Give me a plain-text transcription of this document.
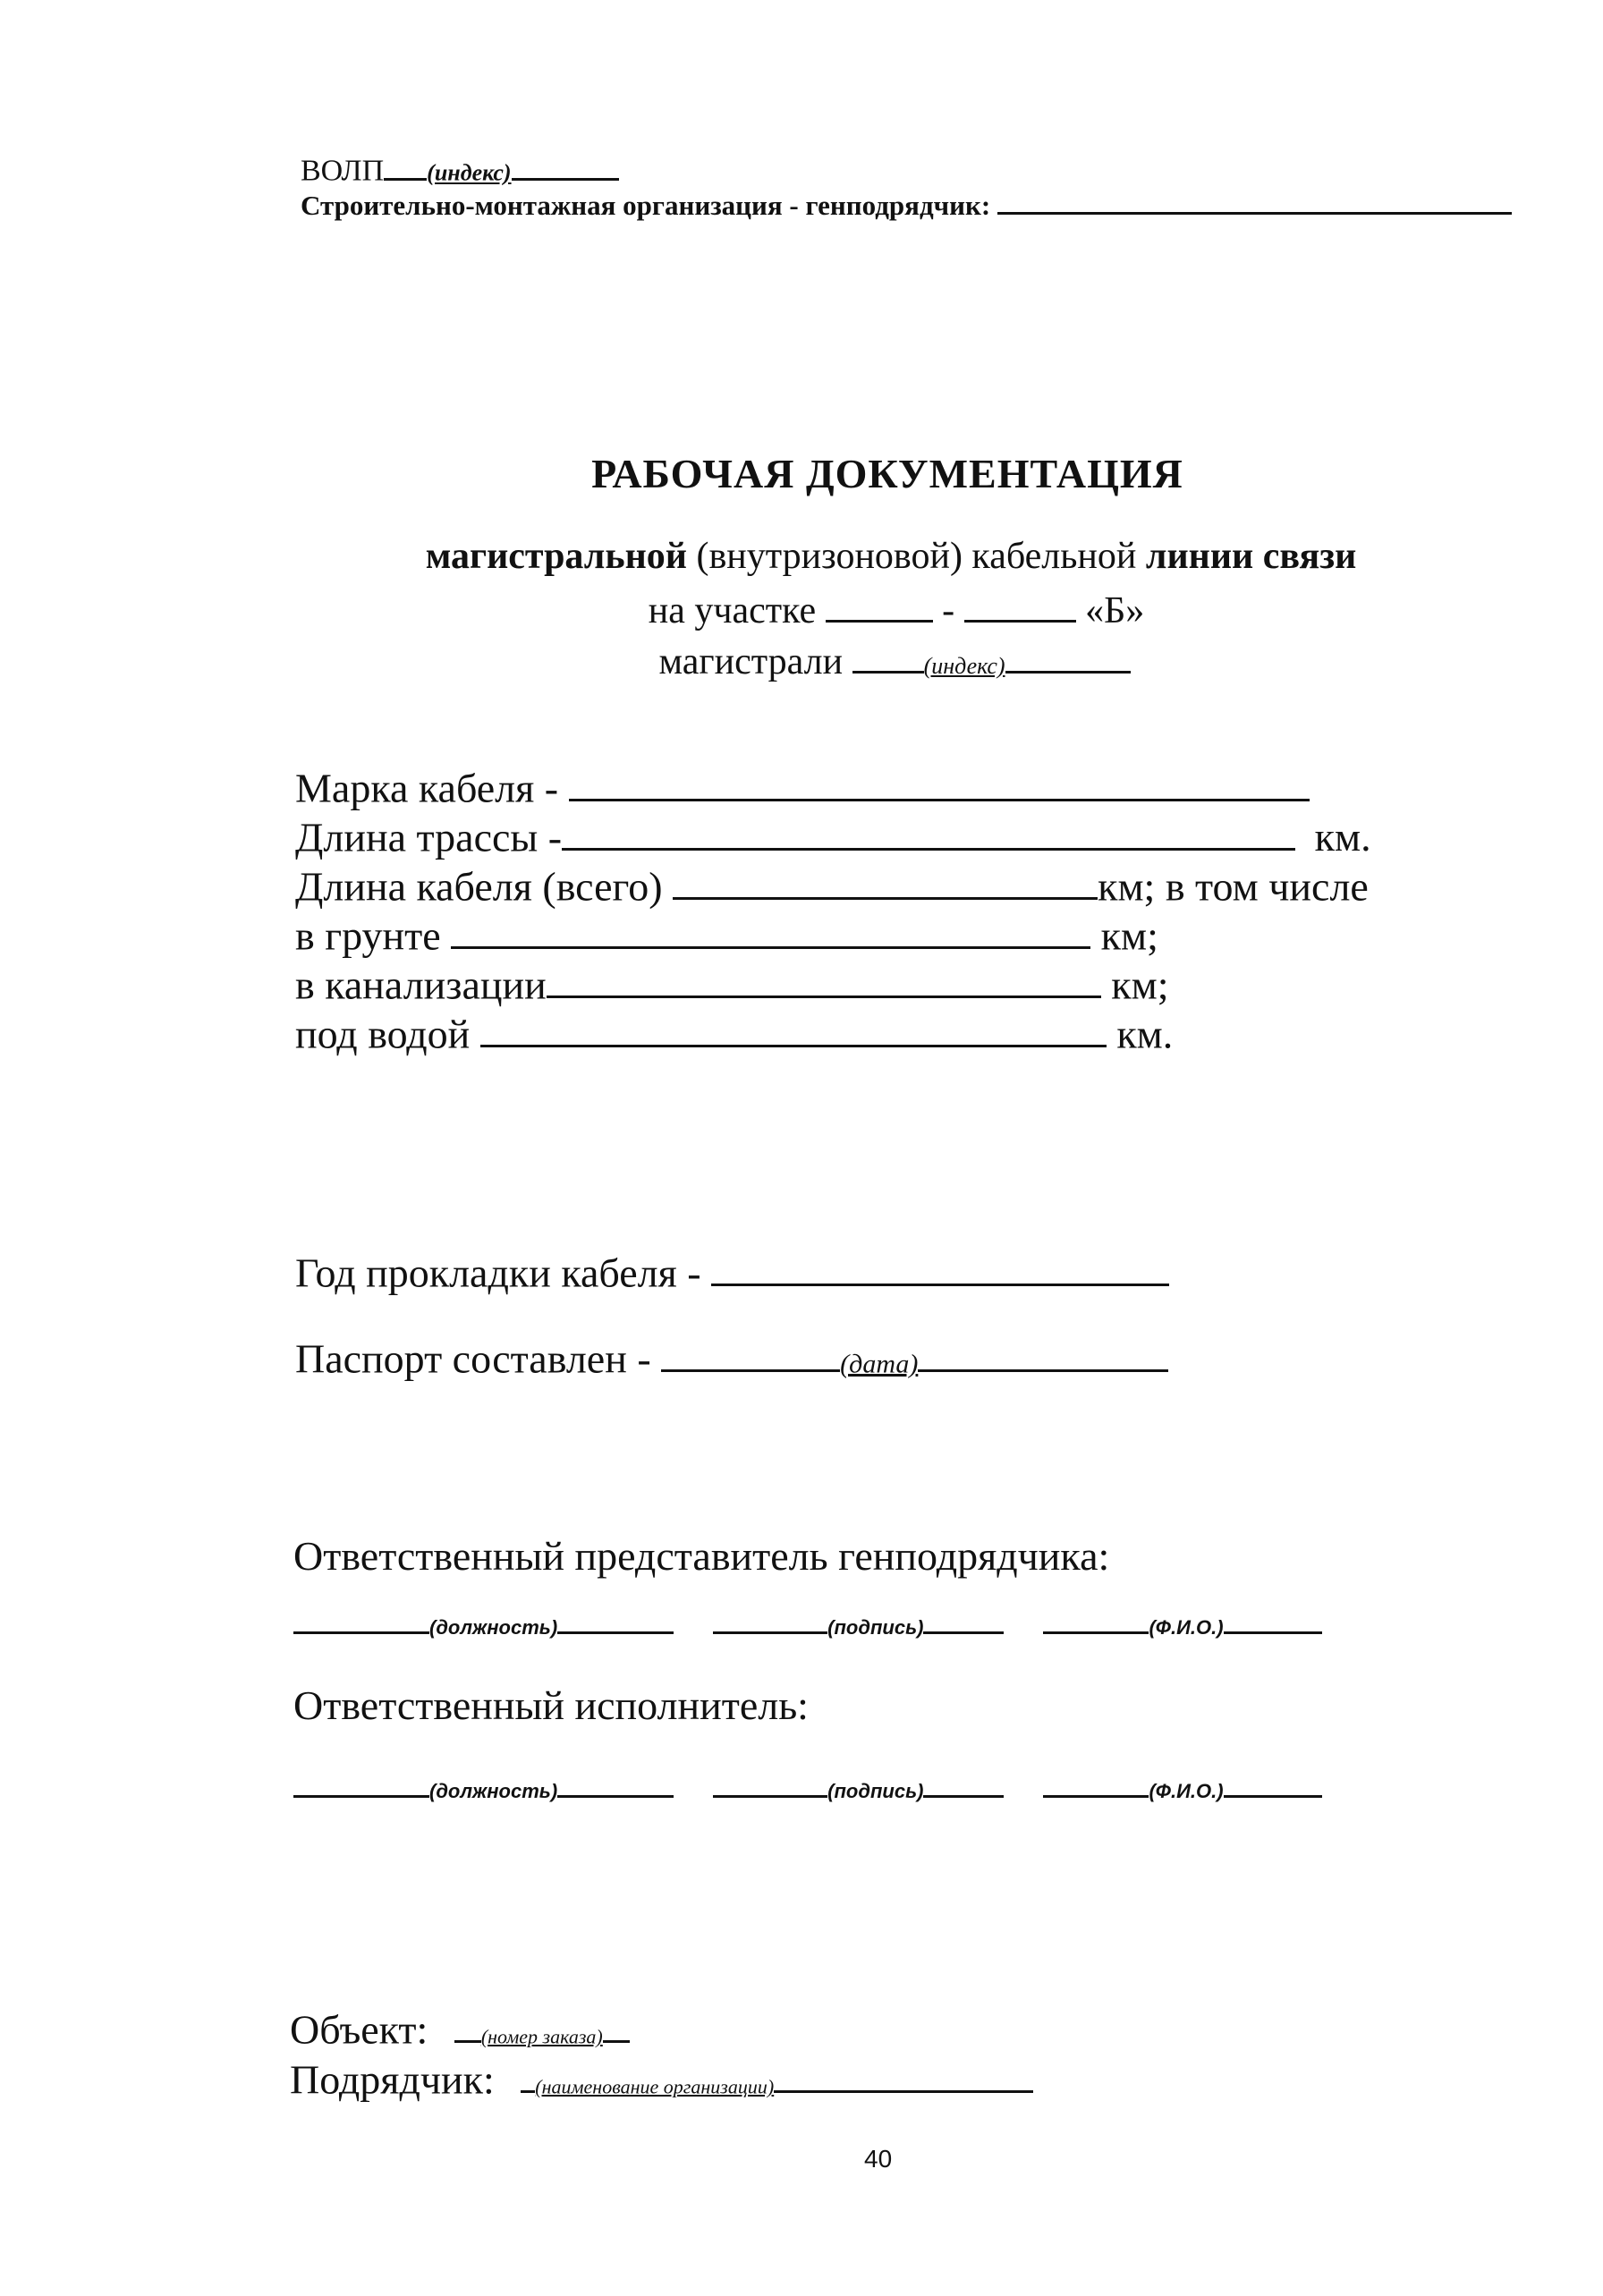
ВОЛП (индекс)
Строительно-монтажная организация - генподрядчик:
РАБОЧАЯ ДОКУМЕНТАЦИЯ
магистральной (внутризоновой) кабельной линии связи
на участке	-	«Б»
магистрали	(индекс)
Марка кабеля -
Длина трассы -	км.
Длина кабеля (всего)	км; в том числе
в грунте	км;
в канализации	км;
под водой	км.
Год прокладки кабеля -
Паспорт составлен -	(дата)
Ответственный представитель генподрядчика:
(должность)	(подпись)	(Ф.И.О.)
Ответственный исполнитель:
(должность)	(подпись)	(Ф.И.О.)
Объект:	(номер заказа)
Подрядчик: (наименование организации)
40
